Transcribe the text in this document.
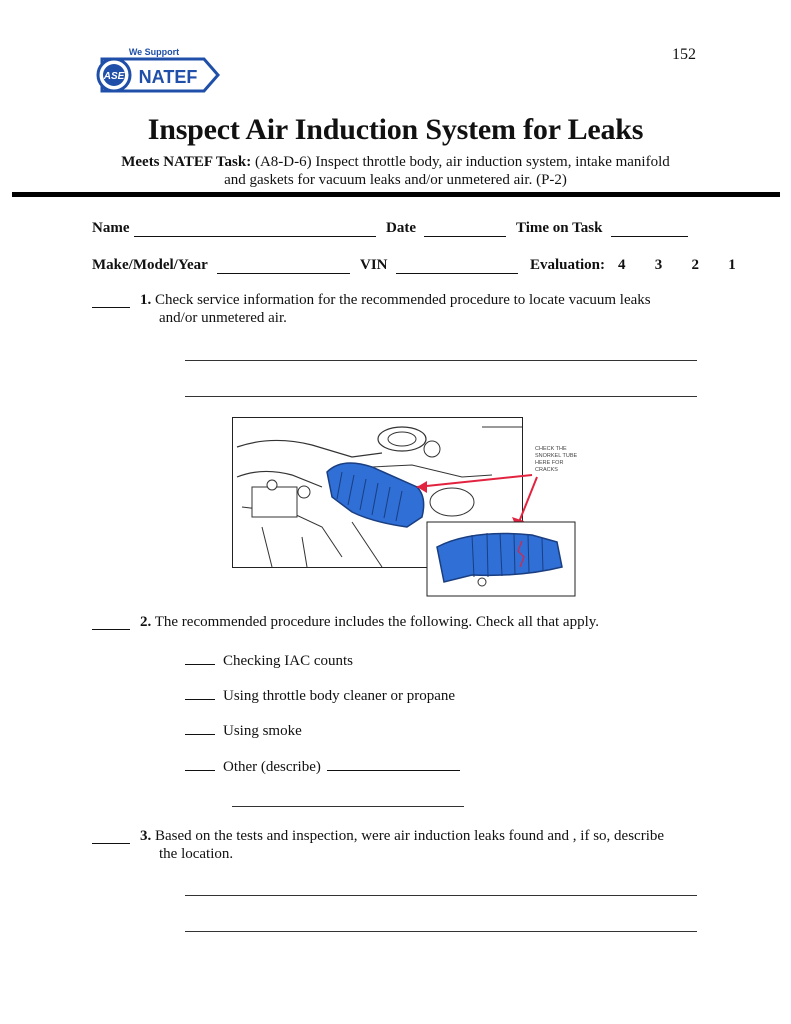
ASE NATEF
We Support	152
Inspect Air Induction System for Leaks
Meets NATEF Task: (A8-D-6) Inspect throttle body, air induction system, intake manifold
and gaskets for vacuum leaks and/or unmetered air. (P-2)
Name	Date	Time on Task
Make/Model/Year	VIN	Evaluation: 4   3   2   1
1. Check service information for the recommended procedure to locate vacuum leaks
and/or unmetered air.
CHECK THE
SNORKEL TUBE
HERE FOR
CRACKS
2. The recommended procedure includes the following. Check all that apply.
Checking IAC counts
Using throttle body cleaner or propane
Using smoke
Other (describe)
3. Based on the tests and inspection, were air induction leaks found and , if so, describe
the location.
